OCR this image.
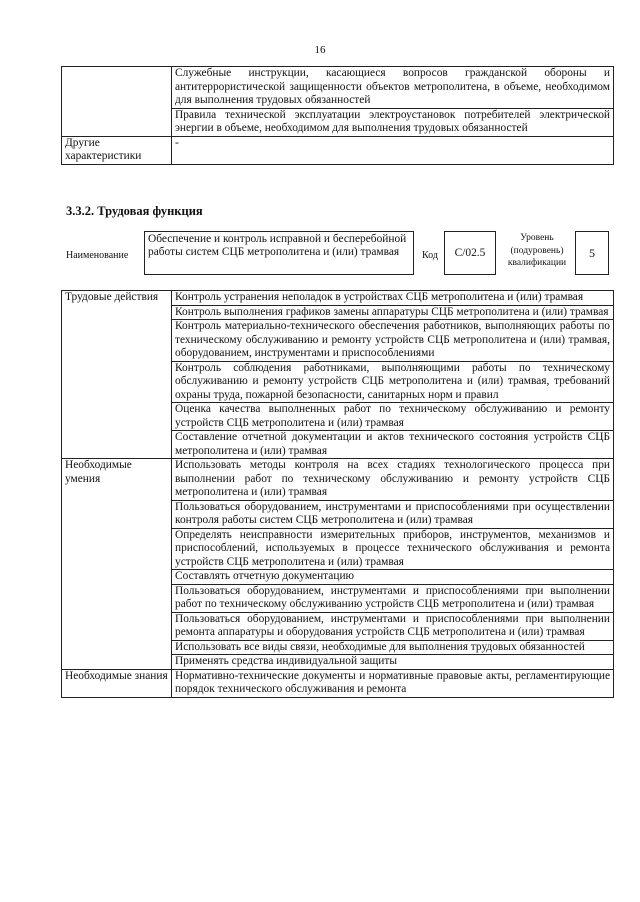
16
	Служебные инструкции, касающиеся вопросов гражданской обороны и антитеррористической защищенности объектов метрополитена, в объеме, необходимом для выполнения трудовых обязанностей
	Правила технической эксплуатации электроустановок потребителей электрической энергии в объеме, необходимом для выполнения трудовых обязанностей
Другие характеристики	-
3.3.2. Трудовая функция
Наименование
Обеспечение и контроль исправной и бесперебойной работы систем СЦБ метрополитена и (или) трамвая	Код	C/02.5
Уровень (подуровень) квалификации
5
Трудовые действия	Контроль устранения неполадок в устройствах СЦБ метрополитена и (или) трамвая
	Контроль выполнения графиков замены аппаратуры СЦБ метрополитена и (или) трамвая
	Контроль материально-технического обеспечения работников, выполняющих работы по техническому обслуживанию и ремонту устройств СЦБ метрополитена и (или) трамвая, оборудованием, инструментами и приспособлениями
	Контроль соблюдения работниками, выполняющими работы по техническому обслуживанию и ремонту устройств СЦБ метрополитена и (или) трамвая, требований охраны труда, пожарной безопасности, санитарных норм и правил
	Оценка качества выполненных работ по техническому обслуживанию и ремонту устройств СЦБ метрополитена и (или) трамвая
	Составление отчетной документации и актов технического состояния устройств СЦБ метрополитена и (или) трамвая
Необходимые умения	Использовать методы контроля на всех стадиях технологического процесса при выполнении работ по техническому обслуживанию и ремонту устройств СЦБ метрополитена и (или) трамвая
	Пользоваться оборудованием, инструментами и приспособлениями при осуществлении контроля работы систем СЦБ метрополитена и (или) трамвая
	Определять неисправности измерительных приборов, инструментов, механизмов и приспособлений, используемых в процессе технического обслуживания и ремонта устройств СЦБ метрополитена и (или) трамвая
	Составлять отчетную документацию
	Пользоваться оборудованием, инструментами и приспособлениями при выполнении работ по техническому обслуживанию устройств СЦБ метрополитена и (или) трамвая
	Пользоваться оборудованием, инструментами и приспособлениями при выполнении ремонта аппаратуры и оборудования устройств СЦБ метрополитена и (или) трамвая
	Использовать все виды связи, необходимые для выполнения трудовых обязанностей
	Применять средства индивидуальной защиты
Необходимые знания	Нормативно-технические документы и нормативные правовые акты, регламентирующие порядок технического обслуживания и ремонта
